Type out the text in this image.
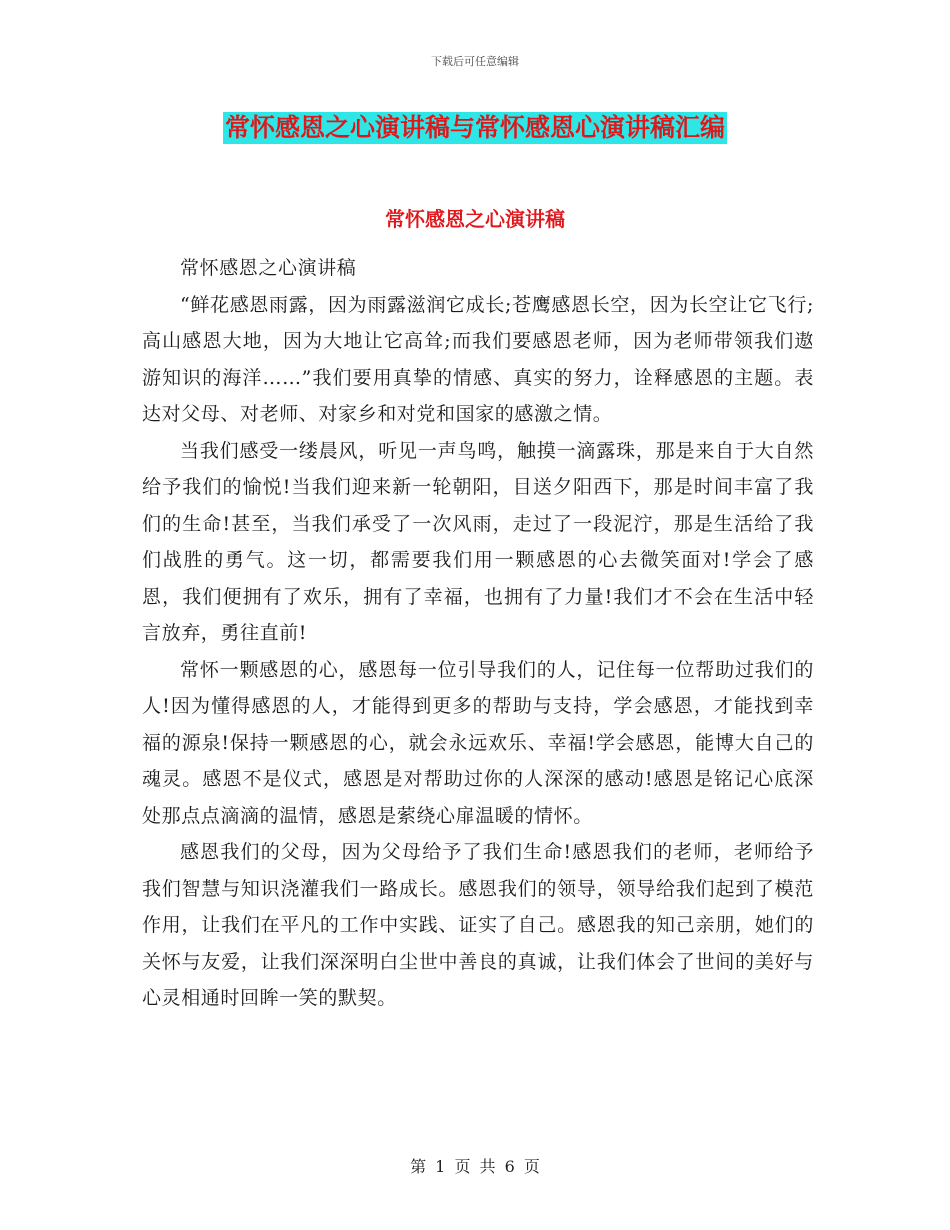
下载后可任意编辑
常怀感恩之心演讲稿与常怀感恩心演讲稿汇编
常怀感恩之心演讲稿

常怀感恩之心演讲稿

“鲜花感恩雨露，因为雨露滋润它成长;苍鹰感恩长空，因为长空让它飞行;高山感恩大地，因为大地让它高耸;而我们要感恩老师，因为老师带领我们遨游知识的海洋……”我们要用真挚的情感、真实的努力，诠释感恩的主题。表达对父母、对老师、对家乡和对党和国家的感激之情。

当我们感受一缕晨风，听见一声鸟鸣，触摸一滴露珠，那是来自于大自然给予我们的愉悦!当我们迎来新一轮朝阳，目送夕阳西下，那是时间丰富了我们的生命!甚至，当我们承受了一次风雨，走过了一段泥泞，那是生活给了我们战胜的勇气。这一切，都需要我们用一颗感恩的心去微笑面对!学会了感恩，我们便拥有了欢乐，拥有了幸福，也拥有了力量!我们才不会在生活中轻言放弃，勇往直前!

常怀一颗感恩的心，感恩每一位引导我们的人，记住每一位帮助过我们的人!因为懂得感恩的人，才能得到更多的帮助与支持，学会感恩，才能找到幸福的源泉!保持一颗感恩的心，就会永远欢乐、幸福!学会感恩，能博大自己的魂灵。感恩不是仪式，感恩是对帮助过你的人深深的感动!感恩是铭记心底深处那点点滴滴的温情，感恩是萦绕心扉温暖的情怀。

感恩我们的父母，因为父母给予了我们生命!感恩我们的老师，老师给予我们智慧与知识浇灌我们一路成长。感恩我们的领导，领导给我们起到了模范作用，让我们在平凡的工作中实践、证实了自己。感恩我的知己亲朋，她们的关怀与友爱，让我们深深明白尘世中善良的真诚，让我们体会了世间的美好与心灵相通时回眸一笑的默契。

第 1 页 共 6 页
